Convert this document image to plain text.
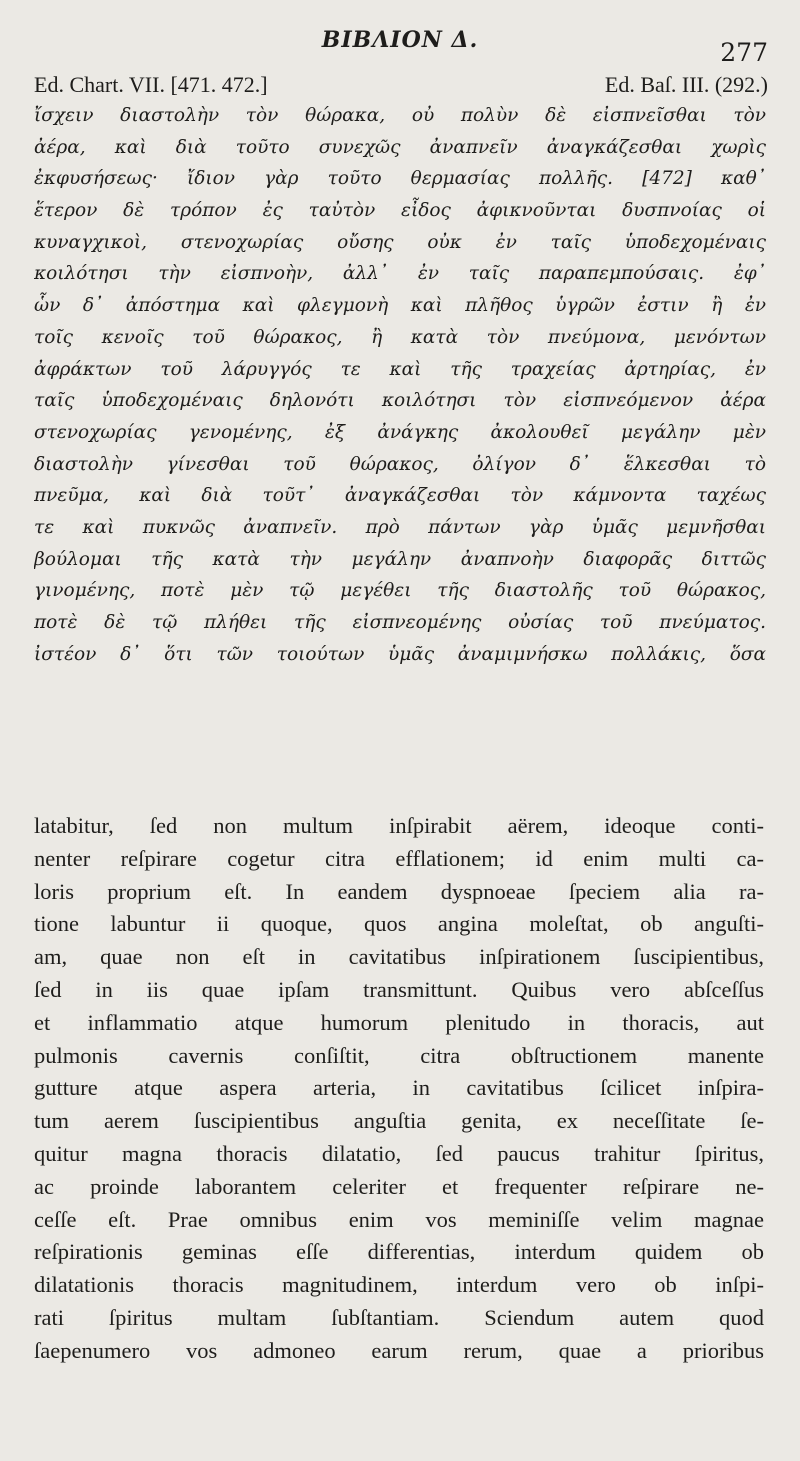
BIBΛΙΟΝ Δ.	277
Ed. Chart. VII. [471. 472.]	Ed. Baſ. III. (292.)
ἴσχειν διαστολὴν τὸν θώρακα, οὐ πολὺν δὲ εἰσπνεῖσθαι τὸν
ἀέρα, καὶ διὰ τοῦτο συνεχῶς ἀναπνεῖν ἀναγκάζεσθαι χωρὶς
ἐκφυσήσεως· ἴδιον γὰρ τοῦτο θερμασίας πολλῆς. [472] καθ᾽
ἕτερον δὲ τρόπον ἐς ταὐτὸν εἶδος ἀφικνοῦνται δυσπνοίας οἱ
κυναγχικοὶ, στενοχωρίας οὔσης οὐκ ἐν ταῖς ὑποδεχομέναις
κοιλότησι τὴν εἰσπνοὴν, ἀλλ᾽ ἐν ταῖς παραπεμπούσαις. ἐφ᾽
ὧν δ᾽ ἀπόστημα καὶ φλεγμονὴ καὶ πλῆθος ὑγρῶν ἐστιν ἢ ἐν
τοῖς κενοῖς τοῦ θώρακος, ἢ κατὰ τὸν πνεύμονα, μενόντων
ἀφράκτων τοῦ λάρυγγός τε καὶ τῆς τραχείας ἀρτηρίας, ἐν
ταῖς ὑποδεχομέναις δηλονότι κοιλότησι τὸν εἰσπνεόμενον ἀέρα
στενοχωρίας γενομένης, ἐξ ἀνάγκης ἀκολουθεῖ μεγάλην μὲν
διαστολὴν γίνεσθαι τοῦ θώρακος, ὀλίγον δ᾽ ἕλκεσθαι τὸ
πνεῦμα, καὶ διὰ τοῦτ᾽ ἀναγκάζεσθαι τὸν κάμνοντα ταχέως
τε καὶ πυκνῶς ἀναπνεῖν. πρὸ πάντων γὰρ ὑμᾶς μεμνῆσθαι
βούλομαι τῆς κατὰ τὴν μεγάλην ἀναπνοὴν διαφορᾶς διττῶς
γινομένης, ποτὲ μὲν τῷ μεγέθει τῆς διαστολῆς τοῦ θώρακος,
ποτὲ δὲ τῷ πλήθει τῆς εἰσπνεομένης οὐσίας τοῦ πνεύματος.
ἰστέον δ᾽ ὅτι τῶν τοιούτων ὑμᾶς ἀναμιμνήσκω πολλάκις, ὅσα
latabitur, ſed non multum inſpirabit aërem, ideoque conti-
nenter reſpirare cogetur citra efflationem; id enim multi ca-
loris proprium eſt. In eandem dyspnoeae ſpeciem alia ra-
tione labuntur ii quoque, quos angina moleſtat, ob anguſti-
am, quae non eſt in cavitatibus inſpirationem ſuscipientibus,
ſed in iis quae ipſam transmittunt. Quibus vero abſceſſus
et inflammatio atque humorum plenitudo in thoracis, aut
pulmonis cavernis conſiſtit, citra obſtructionem manente
gutture atque aspera arteria, in cavitatibus ſcilicet inſpira-
tum aerem ſuscipientibus anguſtia genita, ex neceſſitate ſe-
quitur magna thoracis dilatatio, ſed paucus trahitur ſpiritus,
ac proinde laborantem celeriter et frequenter reſpirare ne-
ceſſe eſt. Prae omnibus enim vos meminiſſe velim magnae
reſpirationis geminas eſſe differentias, interdum quidem ob
dilatationis thoracis magnitudinem, interdum vero ob inſpi-
rati ſpiritus multam ſubſtantiam. Sciendum autem quod
ſaepenumero vos admoneo earum rerum, quae a prioribus
